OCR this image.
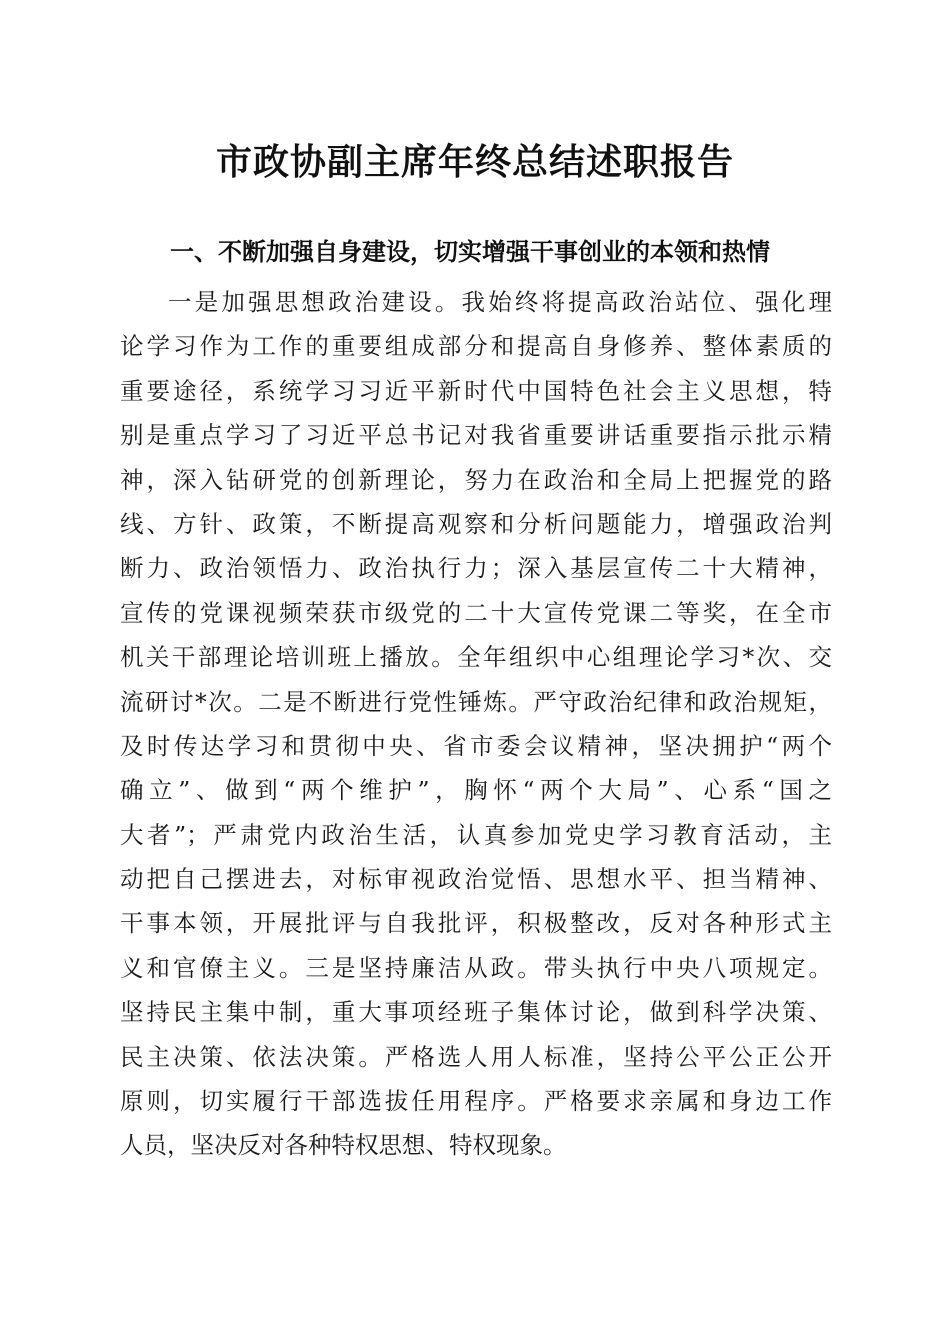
市政协副主席年终总结述职报告
一、不断加强自身建设，切实增强干事创业的本领和热情
一是加强思想政治建设。我始终将提高政治站位、强化理
论学习作为工作的重要组成部分和提高自身修养、整体素质的
重要途径，系统学习习近平新时代中国特色社会主义思想，特
别是重点学习了习近平总书记对我省重要讲话重要指示批示精
神，深入钻研党的创新理论，努力在政治和全局上把握党的路
线、方针、政策，不断提高观察和分析问题能力，增强政治判
断力、政治领悟力、政治执行力；深入基层宣传二十大精神，
宣传的党课视频荣获市级党的二十大宣传党课二等奖，在全市
机关干部理论培训班上播放。全年组织中心组理论学习*次、交
流研讨*次。二是不断进行党性锤炼。严守政治纪律和政治规矩，
及时传达学习和贯彻中央、省市委会议精神，坚决拥护“两个
确立”、做到“两个维护”，胸怀“两个大局”、心系“国之
大者”；严肃党内政治生活，认真参加党史学习教育活动，主
动把自己摆进去，对标审视政治觉悟、思想水平、担当精神、
干事本领，开展批评与自我批评，积极整改，反对各种形式主
义和官僚主义。三是坚持廉洁从政。带头执行中央八项规定。
坚持民主集中制，重大事项经班子集体讨论，做到科学决策、
民主决策、依法决策。严格选人用人标准，坚持公平公正公开
原则，切实履行干部选拔任用程序。严格要求亲属和身边工作
人员，坚决反对各种特权思想、特权现象。
